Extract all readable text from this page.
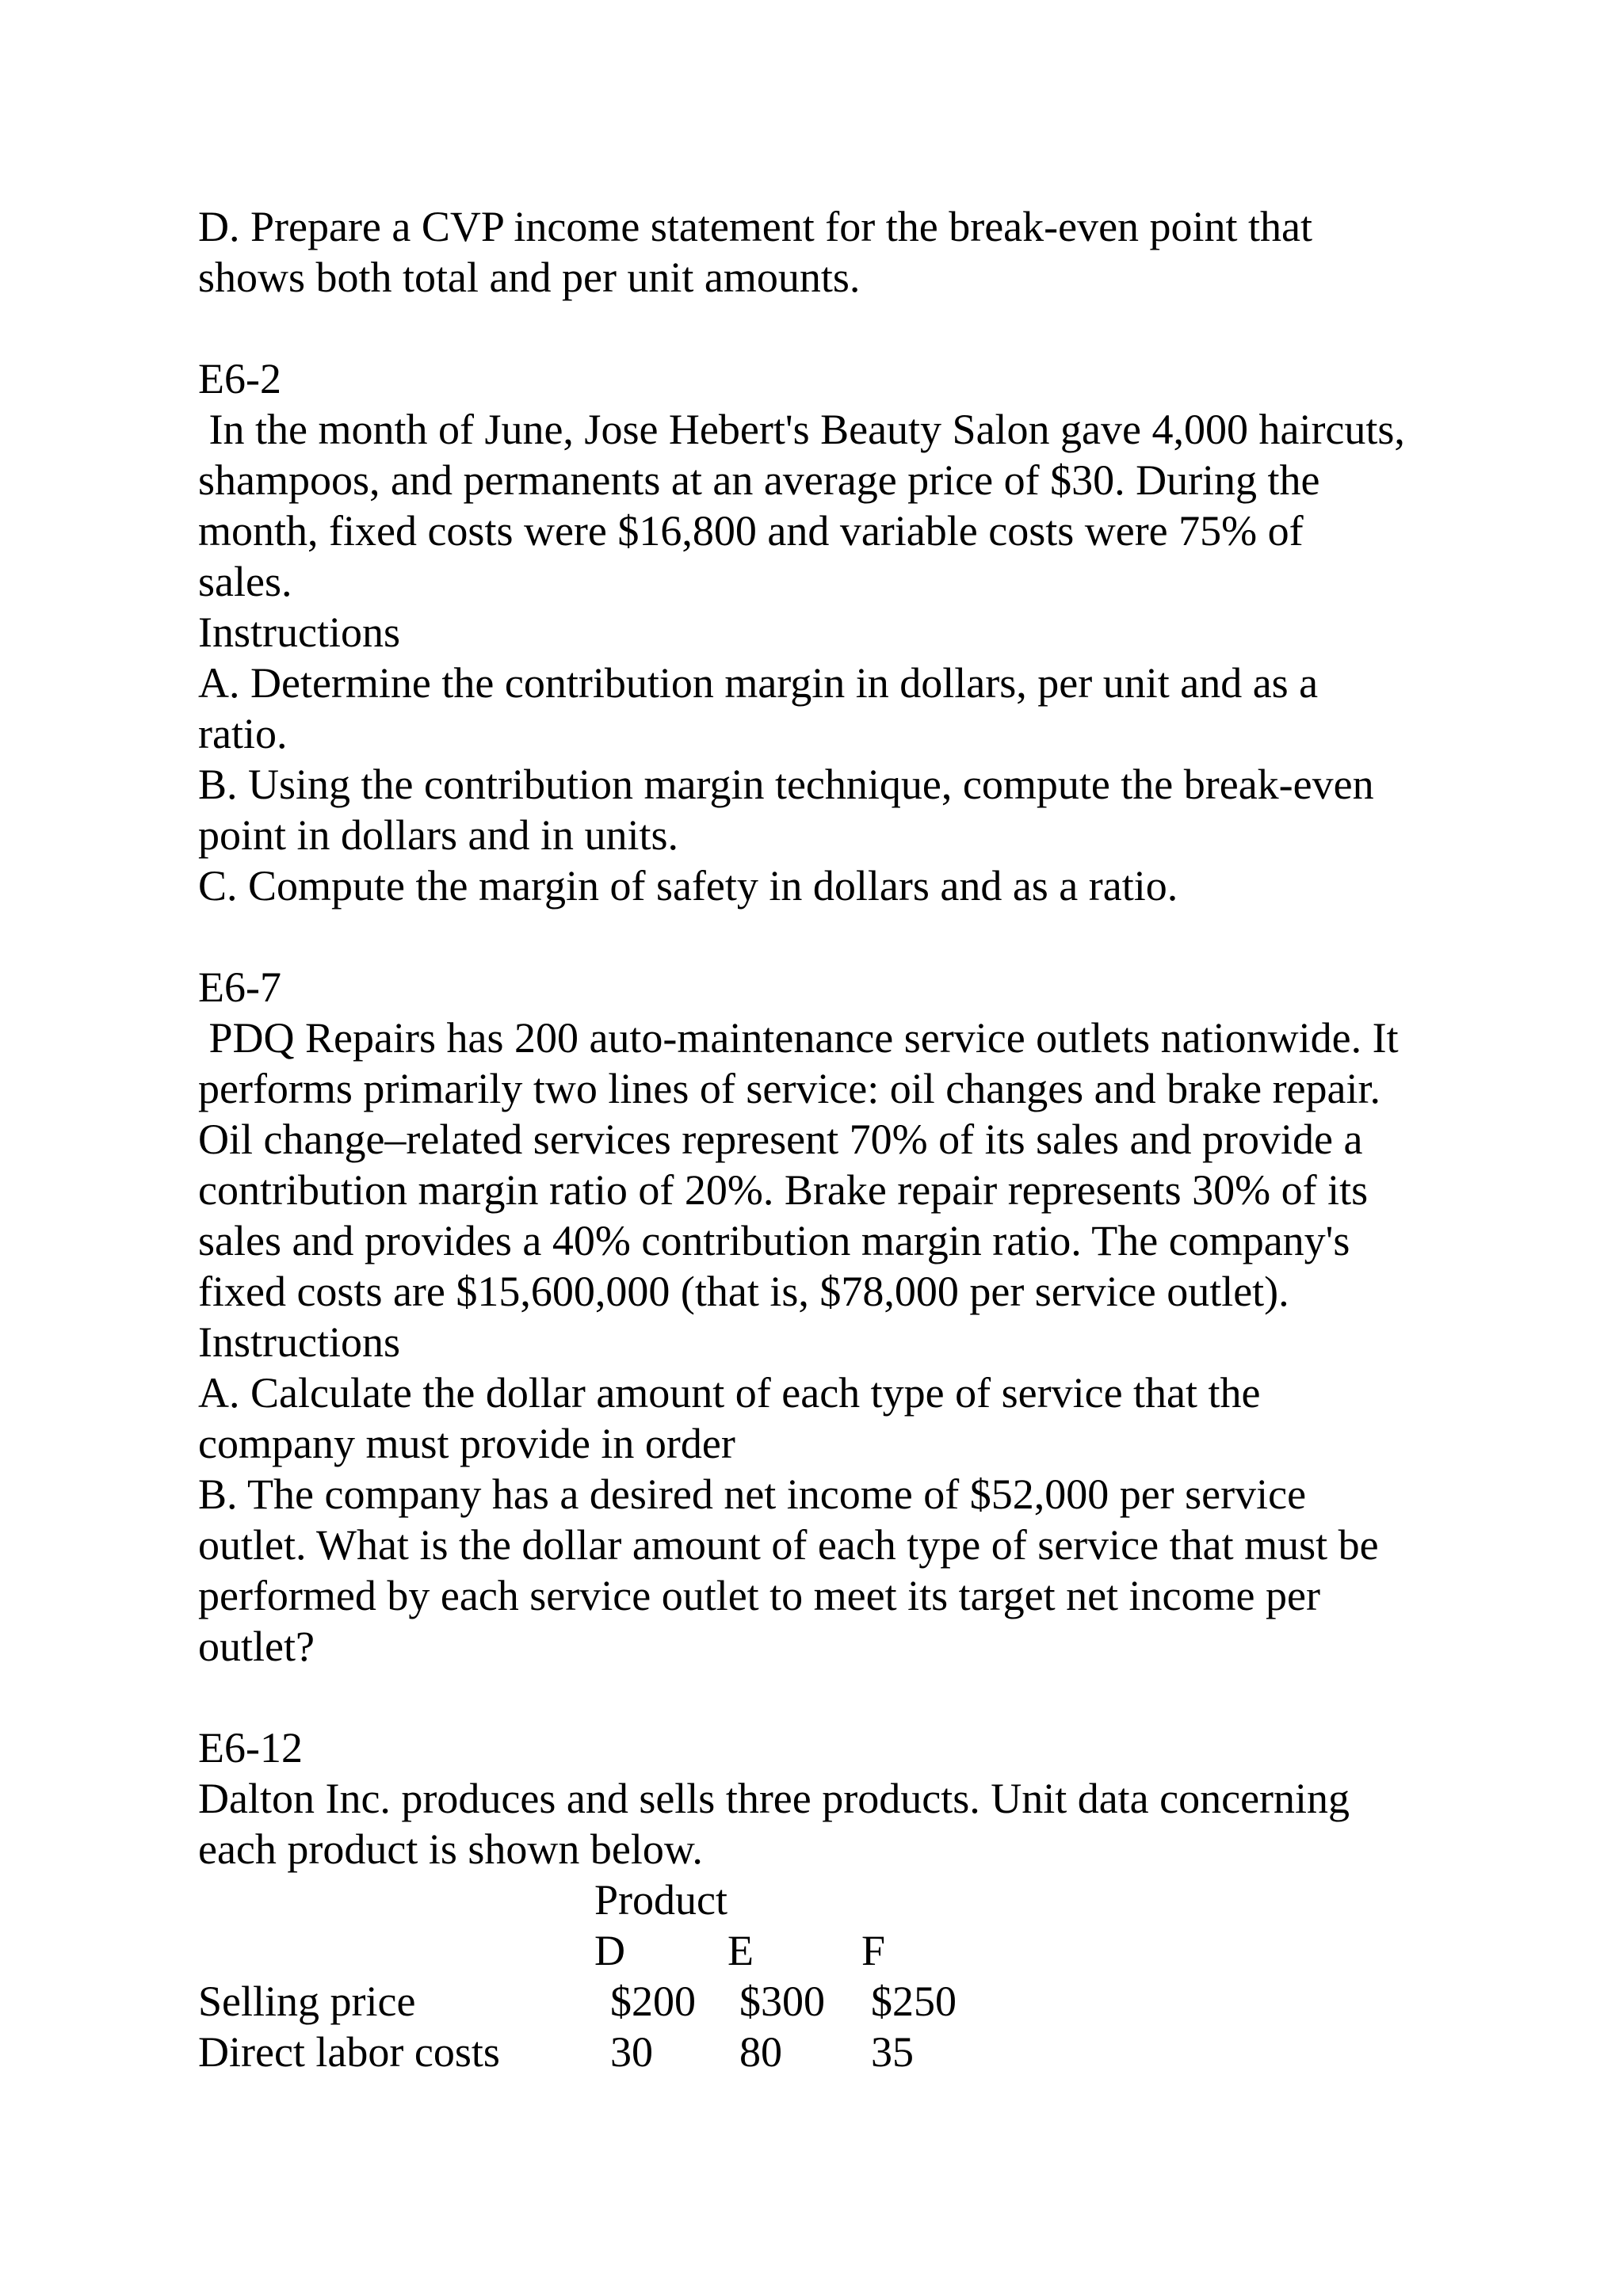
D. Prepare a CVP income statement for the break-even point that
shows both total and per unit amounts.
E6-2
In the month of June, Jose Hebert's Beauty Salon gave 4,000 haircuts,
shampoos, and permanents at an average price of $30. During the
month, fixed costs were $16,800 and variable costs were 75% of
sales.
Instructions
A. Determine the contribution margin in dollars, per unit and as a
ratio.
B. Using the contribution margin technique, compute the break-even
point in dollars and in units.
C. Compute the margin of safety in dollars and as a ratio.
E6-7
PDQ Repairs has 200 auto-maintenance service outlets nationwide. It
performs primarily two lines of service: oil changes and brake repair.
Oil change–related services represent 70% of its sales and provide a
contribution margin ratio of 20%. Brake repair represents 30% of its
sales and provides a 40% contribution margin ratio. The company's
fixed costs are $15,600,000 (that is, $78,000 per service outlet).
Instructions
A. Calculate the dollar amount of each type of service that the
company must provide in order
B. The company has a desired net income of $52,000 per service
outlet. What is the dollar amount of each type of service that must be
performed by each service outlet to meet its target net income per
outlet?
E6-12
Dalton Inc. produces and sells three products. Unit data concerning
each product is shown below.
Product
D E	F
Selling price	$200 $300 $250
Direct labor costs	30 80 35
